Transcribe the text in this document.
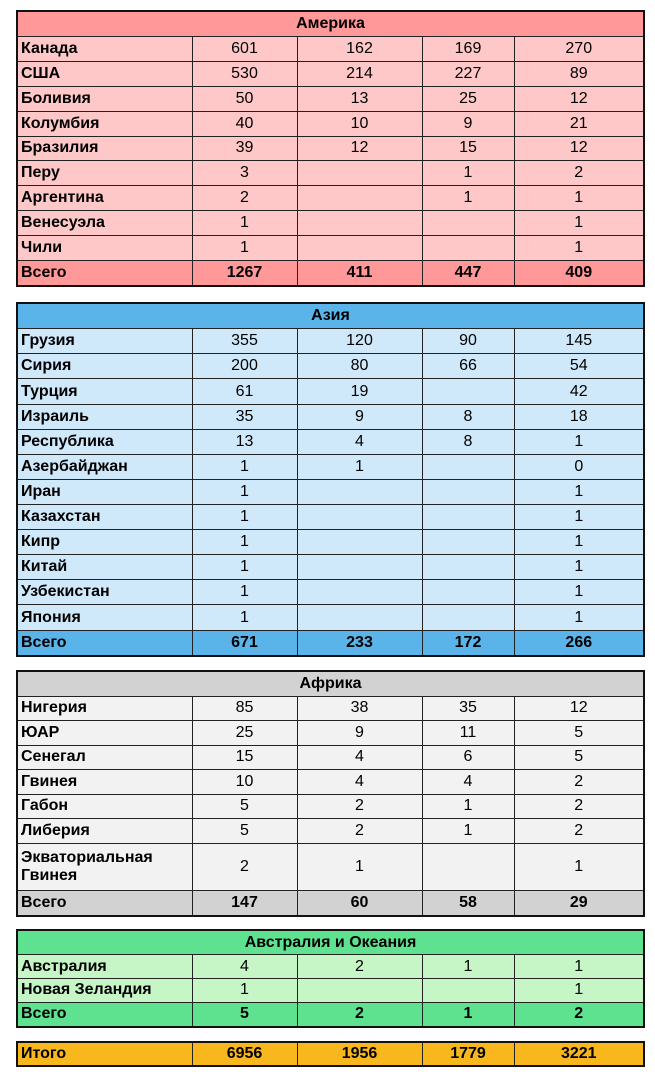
Америка				
Канада	601	162	169	270
США	530	214	227	89
Боливия	50	13	25	12
Колумбия	40	10	9	21
Бразилия	39	12	15	12
Перу	3		1	2
Аргентина	2		1	1
Венесуэла	1			1
Чили	1			1
Всего	1267	411	447	409
Азия				
Грузия	355	120	90	145
Сирия	200	80	66	54
Турция	61	19		42
Израиль	35	9	8	18
Республика	13	4	8	1
Азербайджан	1	1		0
Иран	1			1
Казахстан	1			1
Кипр	1			1
Китай	1			1
Узбекистан	1			1
Япония	1			1
Всего	671	233	172	266
Африка				
Нигерия	85	38	35	12
ЮАР	25	9	11	5
Сенегал	15	4	6	5
Гвинея	10	4	4	2
Габон	5	2	1	2
Либерия	5	2	1	2
Экваториальная Гвинея	2	1		1
Всего	147	60	58	29
Австралия и Океания				
Австралия	4	2	1	1
Новая Зеландия	1			1
Всего	5	2	1	2
Итого	6956	1956	1779	3221
